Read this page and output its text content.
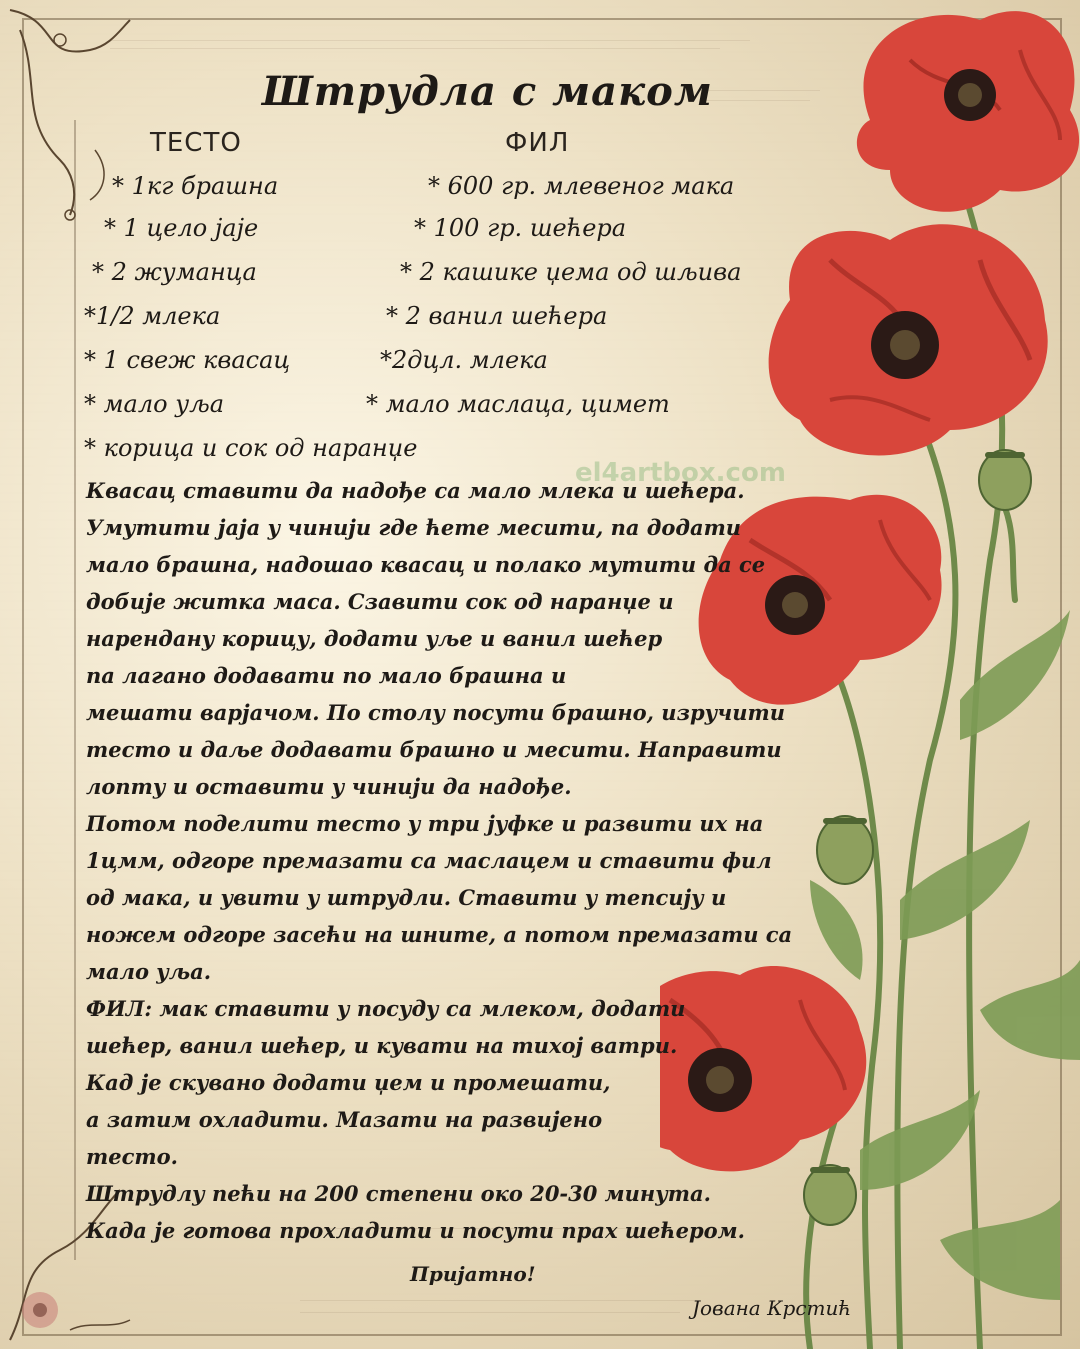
el4artbox.com
Штрудла с маком
ТЕСТО	ФИЛ
* 1кг брашна
* 1 цело јаје
* 2 жуманца
*1/2 млека
* 1 свеж квасац
* мало уља
* корица и сок од наранџе
* 600 гр. млевеног мака
* 100 гр. шећера
* 2 кашике џема од шљива
* 2 ванил шећера
*2дцл. млека
* мало маслаца, цимет
Квасац ставити да надође са мало млека и шећера.
Умутити јаја у чинији где ћете месити, па додати
мало брашна, надошао квасац и полако мутити да се
добије житка маса. Сзавити сок од наранџе и
нарендану корицу, додати уље и ванил шећер
па лагано додавати по мало брашна и
мешати варјачом. По столу посути брашно, изручити
тесто и даље додавати брашно и месити. Направити
лопту и оставити у чинији да надође.
Потом поделити тесто у три јуфке и развити их на
1цмм, одгоре премазати са маслацем и ставити фил
од мака, и увити у штрудли. Ставити у тепсију и
ножем одгоре засећи на шните, а потом премазати са
мало уља.
ФИЛ: мак ставити у посуду са млеком, додати
шећер, ванил шећер, и кувати на тихој ватри.
Кад је скувано додати џем и промешати,
а затим охладити. Мазати на развијено
тесто.
Штрудлу пећи на 200 степени око 20-30 минута.
Када је готова прохладити и посути прах шећером.
Пријатно!
Јована Крстић
